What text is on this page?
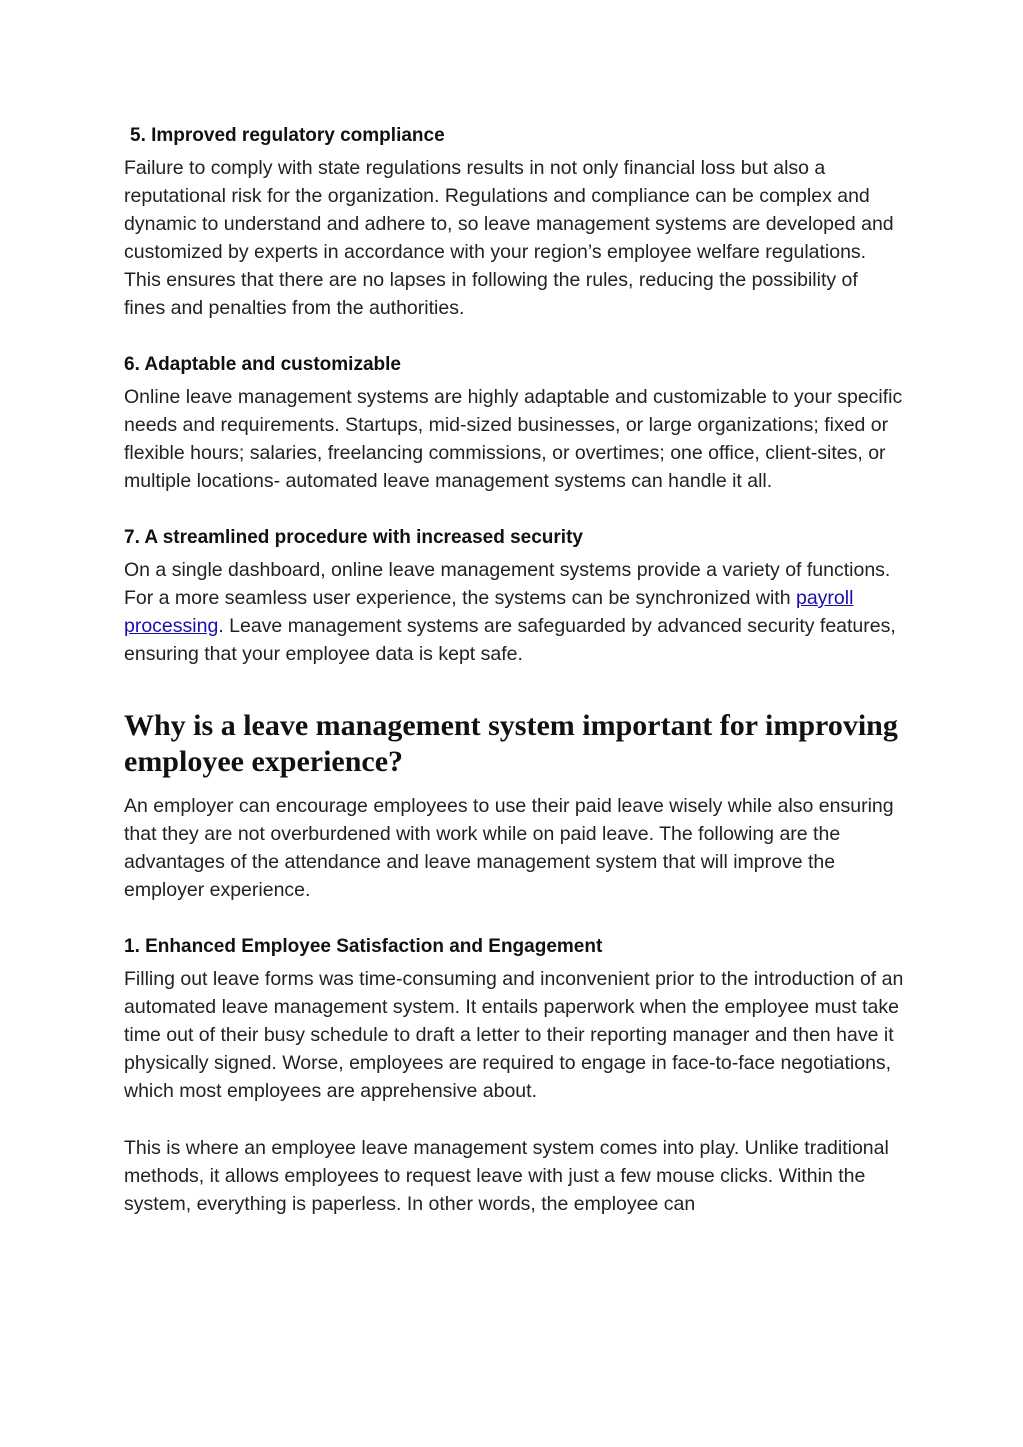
5. Improved regulatory compliance

Failure to comply with state regulations results in not only financial loss but also a reputational risk for the organization. Regulations and compliance can be complex and dynamic to understand and adhere to, so leave management systems are developed and customized by experts in accordance with your region’s employee welfare regulations. This ensures that there are no lapses in following the rules, reducing the possibility of fines and penalties from the authorities.

6. Adaptable and customizable

Online leave management systems are highly adaptable and customizable to your specific needs and requirements. Startups, mid-sized businesses, or large organizations; fixed or flexible hours; salaries, freelancing commissions, or overtimes; one office, client-sites, or multiple locations- automated leave management systems can handle it all.

7. A streamlined procedure with increased security

On a single dashboard, online leave management systems provide a variety of functions. For a more seamless user experience, the systems can be synchronized with payroll processing. Leave management systems are safeguarded by advanced security features, ensuring that your employee data is kept safe.

Why is a leave management system important for improving employee experience?

An employer can encourage employees to use their paid leave wisely while also ensuring that they are not overburdened with work while on paid leave. The following are the advantages of the attendance and leave management system that will improve the employer experience.

1. Enhanced Employee Satisfaction and Engagement

Filling out leave forms was time-consuming and inconvenient prior to the introduction of an automated leave management system. It entails paperwork when the employee must take time out of their busy schedule to draft a letter to their reporting manager and then have it physically signed. Worse, employees are required to engage in face-to-face negotiations, which most employees are apprehensive about.

This is where an employee leave management system comes into play. Unlike traditional methods, it allows employees to request leave with just a few mouse clicks. Within the system, everything is paperless. In other words, the employee can
